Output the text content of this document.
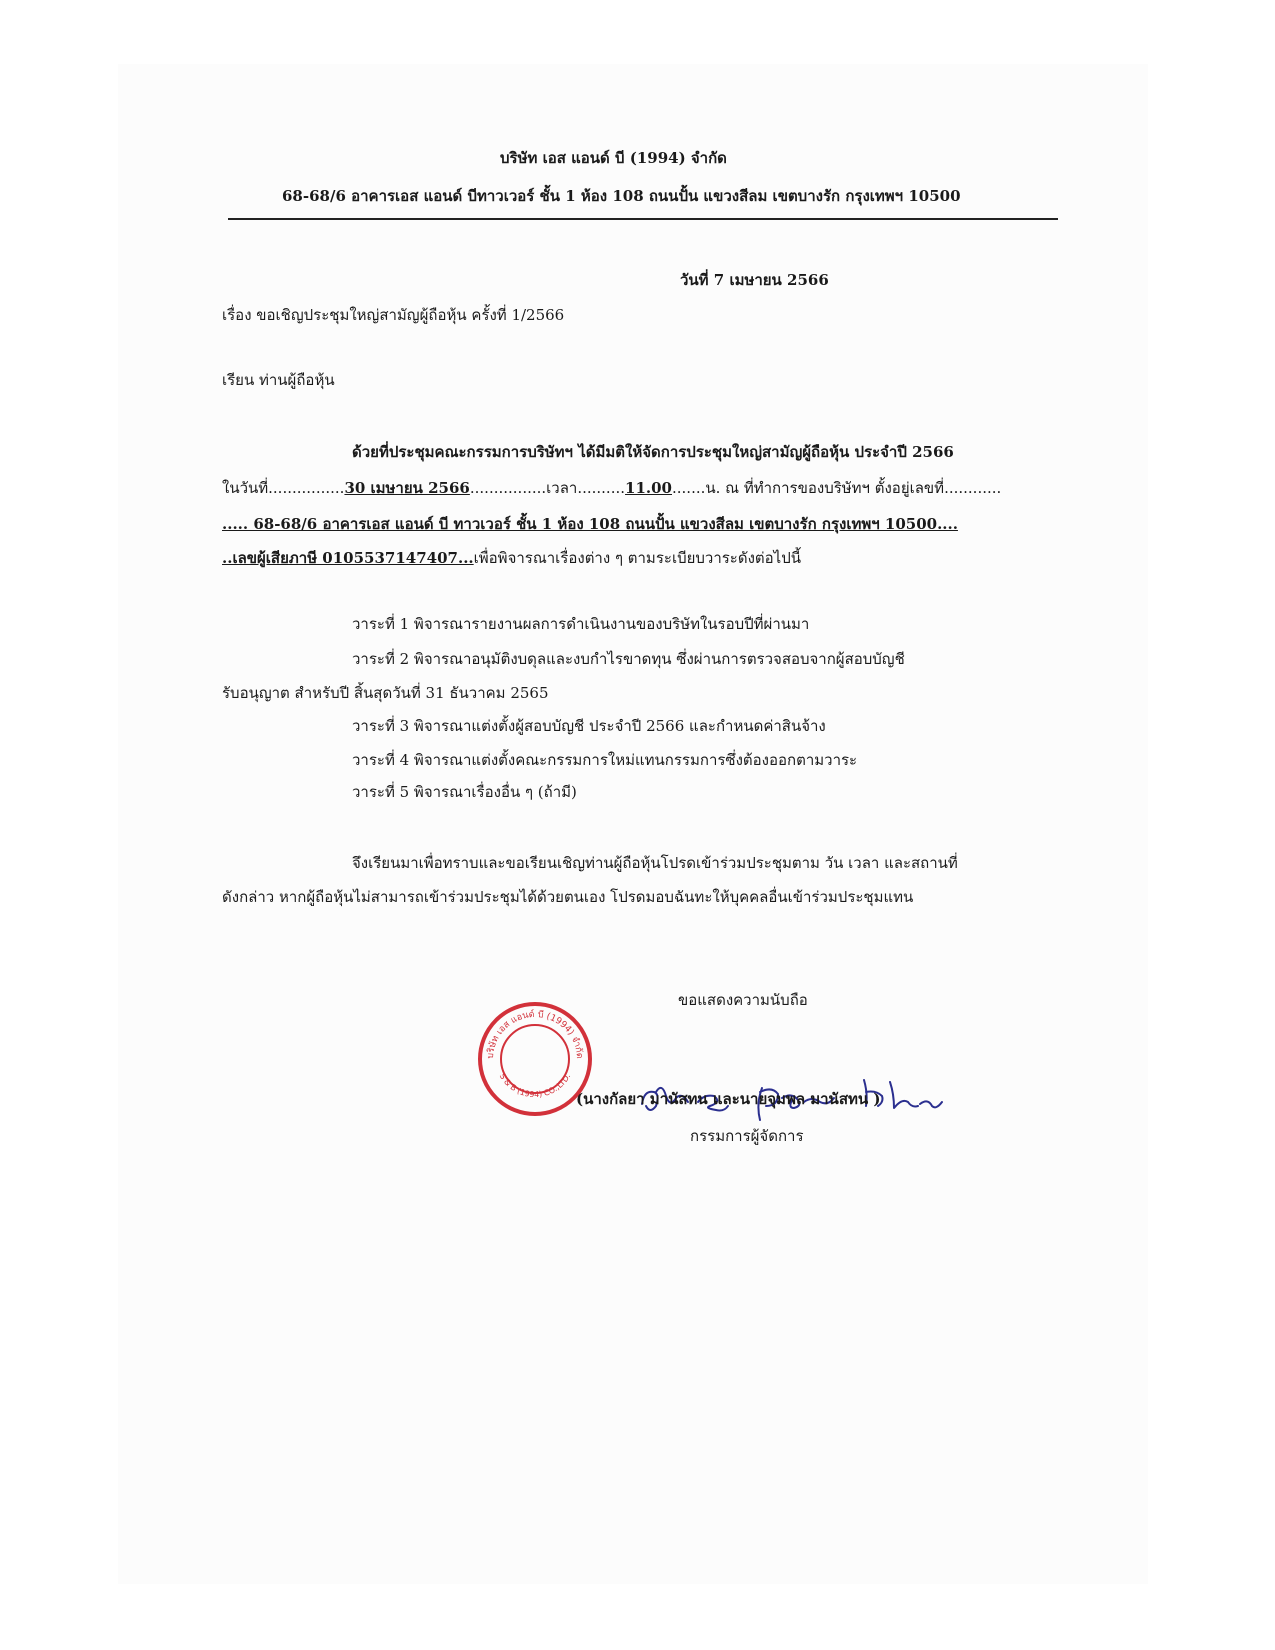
บริษัท เอส แอนด์ บี (1994) จำกัด
68-68/6 อาคารเอส แอนด์ บีทาวเวอร์ ชั้น 1 ห้อง 108 ถนนปั้น แขวงสีลม เขตบางรัก กรุงเทพฯ 10500
วันที่ 7 เมษายน 2566
เรื่อง ขอเชิญประชุมใหญ่สามัญผู้ถือหุ้น ครั้งที่ 1/2566
เรียน ท่านผู้ถือหุ้น
ด้วยที่ประชุมคณะกรรมการบริษัทฯ ได้มีมติให้จัดการประชุมใหญ่สามัญผู้ถือหุ้น ประจำปี 2566
ในวันที่................30 เมษายน 2566................เวลา..........11.00.......น. ณ ที่ทำการของบริษัทฯ ตั้งอยู่เลขที่............
..... 68-68/6 อาคารเอส แอนด์ บี ทาวเวอร์ ชั้น 1 ห้อง 108 ถนนปั้น แขวงสีลม เขตบางรัก กรุงเทพฯ 10500....
..เลขผู้เสียภาษี 0105537147407...เพื่อพิจารณาเรื่องต่าง ๆ ตามระเบียบวาระดังต่อไปนี้
วาระที่ 1 พิจารณารายงานผลการดำเนินงานของบริษัทในรอบปีที่ผ่านมา
วาระที่ 2 พิจารณาอนุมัติงบดุลและงบกำไรขาดทุน ซึ่งผ่านการตรวจสอบจากผู้สอบบัญชี
รับอนุญาต สำหรับปี สิ้นสุดวันที่ 31 ธันวาคม 2565
วาระที่ 3 พิจารณาแต่งตั้งผู้สอบบัญชี ประจำปี 2566 และกำหนดค่าสินจ้าง
วาระที่ 4 พิจารณาแต่งตั้งคณะกรรมการใหม่แทนกรรมการซึ่งต้องออกตามวาระ
วาระที่ 5 พิจารณาเรื่องอื่น ๆ (ถ้ามี)
จึงเรียนมาเพื่อทราบและขอเรียนเชิญท่านผู้ถือหุ้นโปรดเข้าร่วมประชุมตาม วัน เวลา และสถานที่
ดังกล่าว หากผู้ถือหุ้นไม่สามารถเข้าร่วมประชุมได้ด้วยตนเอง โปรดมอบฉันทะให้บุคคลอื่นเข้าร่วมประชุมแทน
ขอแสดงความนับถือ
บริษัท เอส แอนด์ บี (1994) จำกัด
S & B (1994) CO.,LTD.
(นางกัลยา มานัสทน และนายจุมพล มานัสทน )
กรรมการผู้จัดการ
